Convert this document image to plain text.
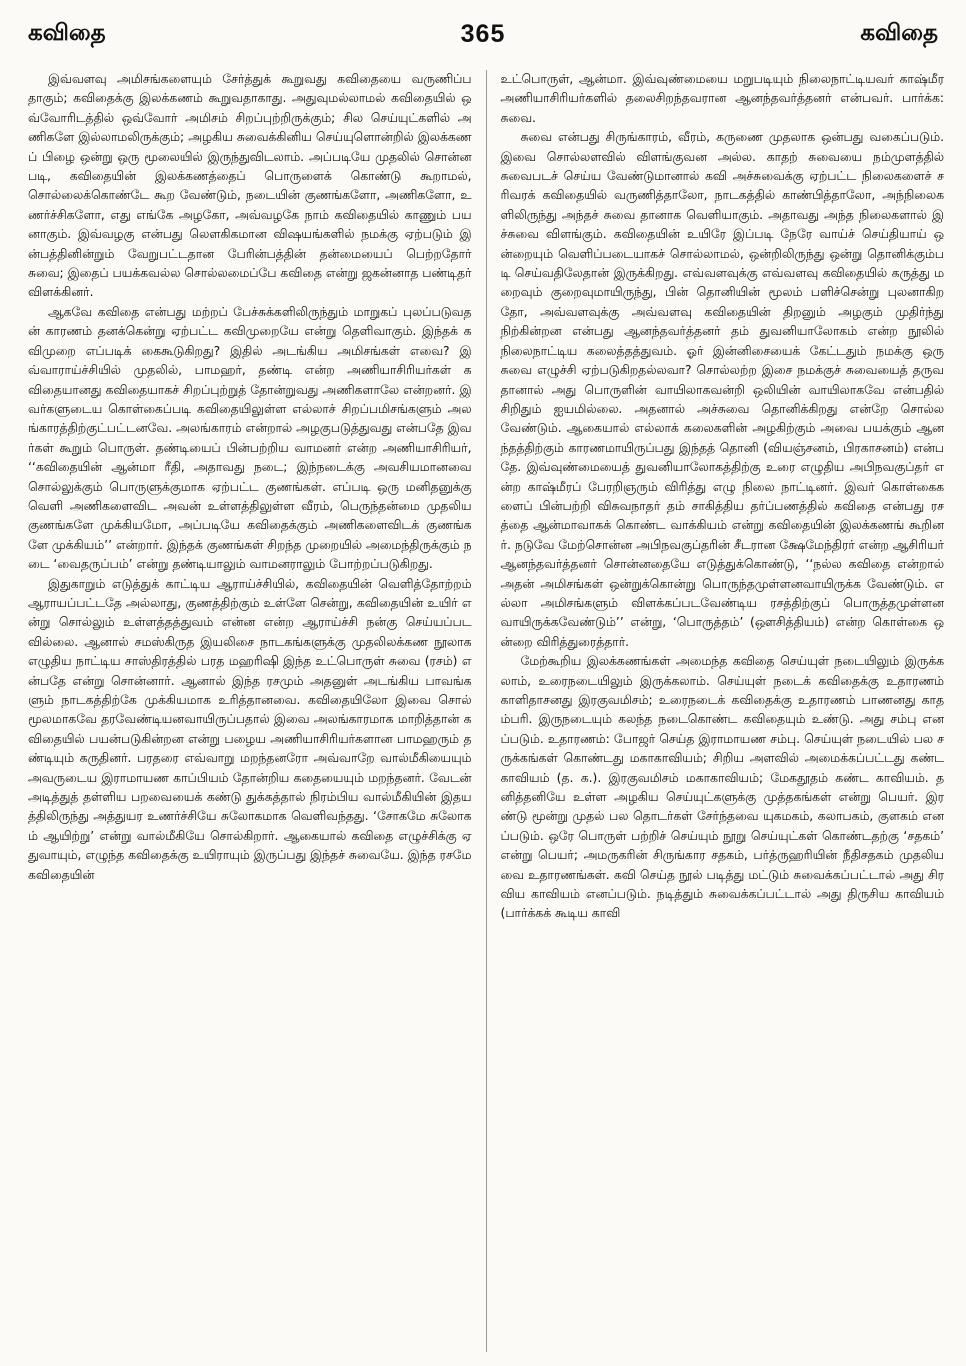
கவிதை	365	கவிதை

இவ்வளவு அமிசங்களையும் சேர்த்துக் கூறுவது கவிதையை வருணிப்பதாகும்; கவிதைக்கு இலக்கணம் கூறுவதாகாது. அதுவுமல்லாமல் கவிதையில் ஒவ்வோரிடத்தில் ஒவ்வோர் அமிசம் சிறப்புற்றிருக்கும்; சில செய்யுட்களில் அணிகளே இல்லாமலிருக்கும்; அழகிய சுவைக்கினிய செய்யுளொன்றில் இலக்கணப் பிழை ஒன்று ஒரு மூலையில் இருந்துவிடலாம். அப்படியே முதலில் சொன்னபடி, கவிதையின் இலக்கணத்தைப் பொருளைக் கொண்டு கூறாமல், சொல்லைக்கொண்டே கூற வேண்டும், நடையின் குணங்களோ, அணிகளோ, உணர்ச்சிகளோ, எது எங்கே அழகோ, அவ்வழகே நாம் கவிதையில் காணும் பயனாகும். இவ்வழகு என்பது லௌகிகமான விஷயங்களில் நமக்கு ஏற்படும் இன்பத்தினின்றும் வேறுபட்டதான பேரின்பத்தின் தன்மையைப் பெற்றதோர் சுவை; இதைப் பயக்கவல்ல சொல்லமைப்பே கவிதை என்று ஜகன்னாத பண்டிதர் விளக்கினர்.

ஆகவே கவிதை என்பது மற்றப் பேச்சுக்களிலிருந்தும் மாறுகப் புலப்படுவதன் காரணம் தனக்கென்று ஏற்பட்ட கவிமுறையே என்று தெளிவாகும். இந்தக் கவிமுறை எப்படிக் கைகூடுகிறது? இதில் அடங்கிய அமிசங்கள் எவை? இவ்வாராய்ச்சியில் முதலில், பாமஹர், தண்டி என்ற அணியாசிரியர்கள் கவிதையானது கவிதையாகச் சிறப்புற்றுத் தோன்றுவது அணிகளாலே என்றனர். இவர்களுடைய கொள்கைப்படி கவிதையிலுள்ள எல்லாச் சிறப்பமிசங்களும் அலங்காரத்திற்குட்பட்டனவே. அலங்காரம் என்றால் அழகுபடுத்துவது என்பதே இவர்கள் கூறும் பொருள். தண்டியைப் பின்பற்றிய வாமனர் என்ற அணியாசிரியர், ‘‘கவிதையின் ஆன்மா ரீதி, அதாவது நடை; இந்நடைக்கு அவசியமானவை சொல்லுக்கும் பொருளுக்குமாக ஏற்பட்ட குணங்கள். எப்படி ஒரு மனிதனுக்கு வெளி அணிகளைவிட அவன் உள்ளத்திலுள்ள வீரம், பெருந்தன்மை முதலிய குணங்களே முக்கியமோ, அப்படியே கவிதைக்கும் அணிகளைவிடக் குணங்களே முக்கியம்’’ என்றார். இந்தக் குணங்கள் சிறந்த முறையில் அமைந்திருக்கும் நடை ‘வைதருப்பம்’ என்று தண்டியாலும் வாமனராலும் போற்றப்படுகிறது.

இதுகாறும் எடுத்துக் காட்டிய ஆராய்ச்சியில், கவிதையின் வெளித்தோற்றம் ஆராயப்பட்டதே அல்லாது, குணத்திற்கும் உள்ளே சென்று, கவிதையின் உயிர் என்று சொல்லும் உள்ளத்தத்துவம் என்ன என்ற ஆராய்ச்சி நன்கு செய்யப்படவில்லை. ஆனால் சமஸ்கிருத இயலிசை நாடகங்களுக்கு முதலிலக்கண நூலாக எழுதிய நாட்டிய சாஸ்திரத்தில் பரத மஹரிஷி இந்த உட்பொருள் சுவை (ரசம்) என்பதே என்று சொன்னார். ஆனால் இந்த ரசமும் அதனுள் அடங்கிய பாவங்களும் நாடகத்திற்கே முக்கியமாக உரித்தானவை. கவிதையிலோ இவை சொல் மூலமாகவே தரவேண்டியனவாயிருப்பதால் இவை அலங்காரமாக மாறித்தான் கவிதையில் பயன்படுகின்றன என்று பழைய அணியாசிரியர்களான பாமஹரும் தண்டியும் கருதினர். பரதரை எவ்வாறு மறந்தனரோ அவ்வாறே வால்மீகியையும் அவருடைய இராமாயண காப்பியம் தோன்றிய கதையையும் மறந்தனர். வேடன் அடித்துத் தள்ளிய பறவையைக் கண்டு துக்கத்தால் நிரம்பிய வால்மீகியின் இதயத்திலிருந்து அத்துயர உணர்ச்சியே சுலோகமாக வெளிவந்தது. ‘சோகமே சுலோகம் ஆயிற்று’ என்று வால்மீகியே சொல்கிறார். ஆகையால் கவிதை எழுச்சிக்கு ஏதுவாயும், எழுந்த கவிதைக்கு உயிராயும் இருப்பது இந்தச் சுவையே. இந்த ரசமே கவிதையின்

உட்பொருள், ஆன்மா. இவ்வுண்மையை மறுபடியும் நிலைநாட்டியவர் காஷ்மீர அணியாசிரியர்களில் தலைசிறந்தவரான ஆனந்தவர்த்தனர் என்பவர். பார்க்க: சுவை.

சுவை என்பது சிருங்காரம், வீரம், கருணை முதலாக ஒன்பது வகைப்படும். இவை சொல்லளவில் விளங்குவன அல்ல. காதற் சுவையை நம்முளத்தில் சுவைபடச் செய்ய வேண்டுமானால் கவி அச்சுவைக்கு ஏற்பட்ட நிலைகளைச் சரிவரக் கவிதையில் வருணித்தாலோ, நாடகத்தில் காண்பித்தாலோ, அந்நிலைகளிலிருந்து அந்தச் சுவை தானாக வெளியாகும். அதாவது அந்த நிலைகளால் இச்சுவை விளங்கும். கவிதையின் உயிரே இப்படி நேரே வாய்ச் செய்தியாய் ஒன்றையும் வெளிப்படையாகச் சொல்லாமல், ஒன்றிலிருந்து ஒன்று தொனிக்கும்படி செய்வதிலேதான் இருக்கிறது. எவ்வளவுக்கு எவ்வளவு கவிதையில் கருத்து மறைவும் குறைவுமாயிருந்து, பின் தொனியின் மூலம் பளிச்சென்று புலனாகிறதோ, அவ்வளவுக்கு அவ்வளவு கவிதையின் திறனும் அழகும் முதிர்ந்து நிற்கின்றன என்பது ஆனந்தவர்த்தனர் தம் துவனியாலோகம் என்ற நூலில் நிலைநாட்டிய கலைத்தத்துவம். ஓர் இன்னிசையைக் கேட்டதும் நமக்கு ஒரு சுவை எழுச்சி ஏற்படுகிறதல்லவா? சொல்லற்ற இசை நமக்குச் சுவையைத் தருவதானால் அது பொருளின் வாயிலாகவன்றி ஒலியின் வாயிலாகவே என்பதில் சிறிதும் ஐயமில்லை. அதனால் அச்சுவை தொனிக்கிறது என்றே சொல்லவேண்டும். ஆகையால் எல்லாக் கலைகளின் அழகிற்கும் அவை பயக்கும் ஆனந்தத்திற்கும் காரணமாயிருப்பது இந்தத் தொனி (வியஞ்சனம், பிரகாசனம்) என்பதே. இவ்வுண்மையைத் துவனியாலோகத்திற்கு உரை எழுதிய அபிநவகுப்தர் என்ற காஷ்மீரப் பேரறிஞரும் விரித்து எழு நிலை நாட்டினர். இவர் கொள்கைகளைப் பின்பற்றி விசுவநாதர் தம் சாகித்திய தர்ப்பணத்தில் கவிதை என்பது ரசத்தை ஆன்மாவாகக் கொண்ட வாக்கியம் என்று கவிதையின் இலக்கணங் கூறினர். நடுவே மேற்சொன்ன அபிநவகுப்தரின் சீடரான க்ஷேமேந்திரர் என்ற ஆசிரியர் ஆனந்தவர்த்தனர் சொன்னதையே எடுத்துக்கொண்டு, ‘‘நல்ல கவிதை என்றால் அதன் அமிசங்கள் ஒன்றுக்கொன்று பொருந்தமுள்ளனவாயிருக்க வேண்டும். எல்லா அமிசங்களும் விளக்கப்படவேண்டிய ரசத்திற்குப் பொருத்தமுள்ளனவாயிருக்கவேண்டும்’’ என்று, ‘பொருத்தம்’ (ஔசித்தியம்) என்ற கொள்கை ஒன்றை விரித்துரைத்தார்.

மேற்கூறிய இலக்கணங்கள் அமைந்த கவிதை செய்யுள் நடையிலும் இருக்கலாம், உரைநடையிலும் இருக்கலாம். செய்யுள் நடைக் கவிதைக்கு உதாரணம் காளிதாசனது இரகுவமிசம்; உரைநடைக் கவிதைக்கு உதாரணம் பாணனது காதம்பரி. இருநடையும் கலந்த நடைகொண்ட கவிதையும் உண்டு. அது சம்பு எனப்படும். உதாரணம்: போஜர் செய்த இராமாயண சம்பு. செய்யுள் நடையில் பல சருக்கங்கள் கொண்டது மகாகாவியம்; சிறிய அளவில் அமைக்கப்பட்டது கண்டகாவியம் (த. க.). இரகுவமிசம் மகாகாவியம்; மேகதூதம் கண்ட காவியம். தனித்தனியே உள்ள அழகிய செய்யுட்களுக்கு முத்தகங்கள் என்று பெயர். இரண்டு மூன்று முதல் பல தொடர்கள் சேர்ந்தவை யுகமகம், கலாபகம், குளகம் எனப்படும். ஒரே பொருள் பற்றிச் செய்யும் நூறு செய்யுட்கள் கொண்டதற்கு ‘சதகம்’ என்று பெயர்; அமருகரின் சிருங்கார சதகம், பர்த்ருஹரியின் நீதிசதகம் முதலியவை உதாரணங்கள். கவி செய்த நூல் படித்து மட்டும் சுவைக்கப்பட்டால் அது சிரவிய காவியம் எனப்படும். நடித்தும் சுவைக்கப்பட்டால் அது திருசிய காவியம் (பார்க்கக் கூடிய காவி
